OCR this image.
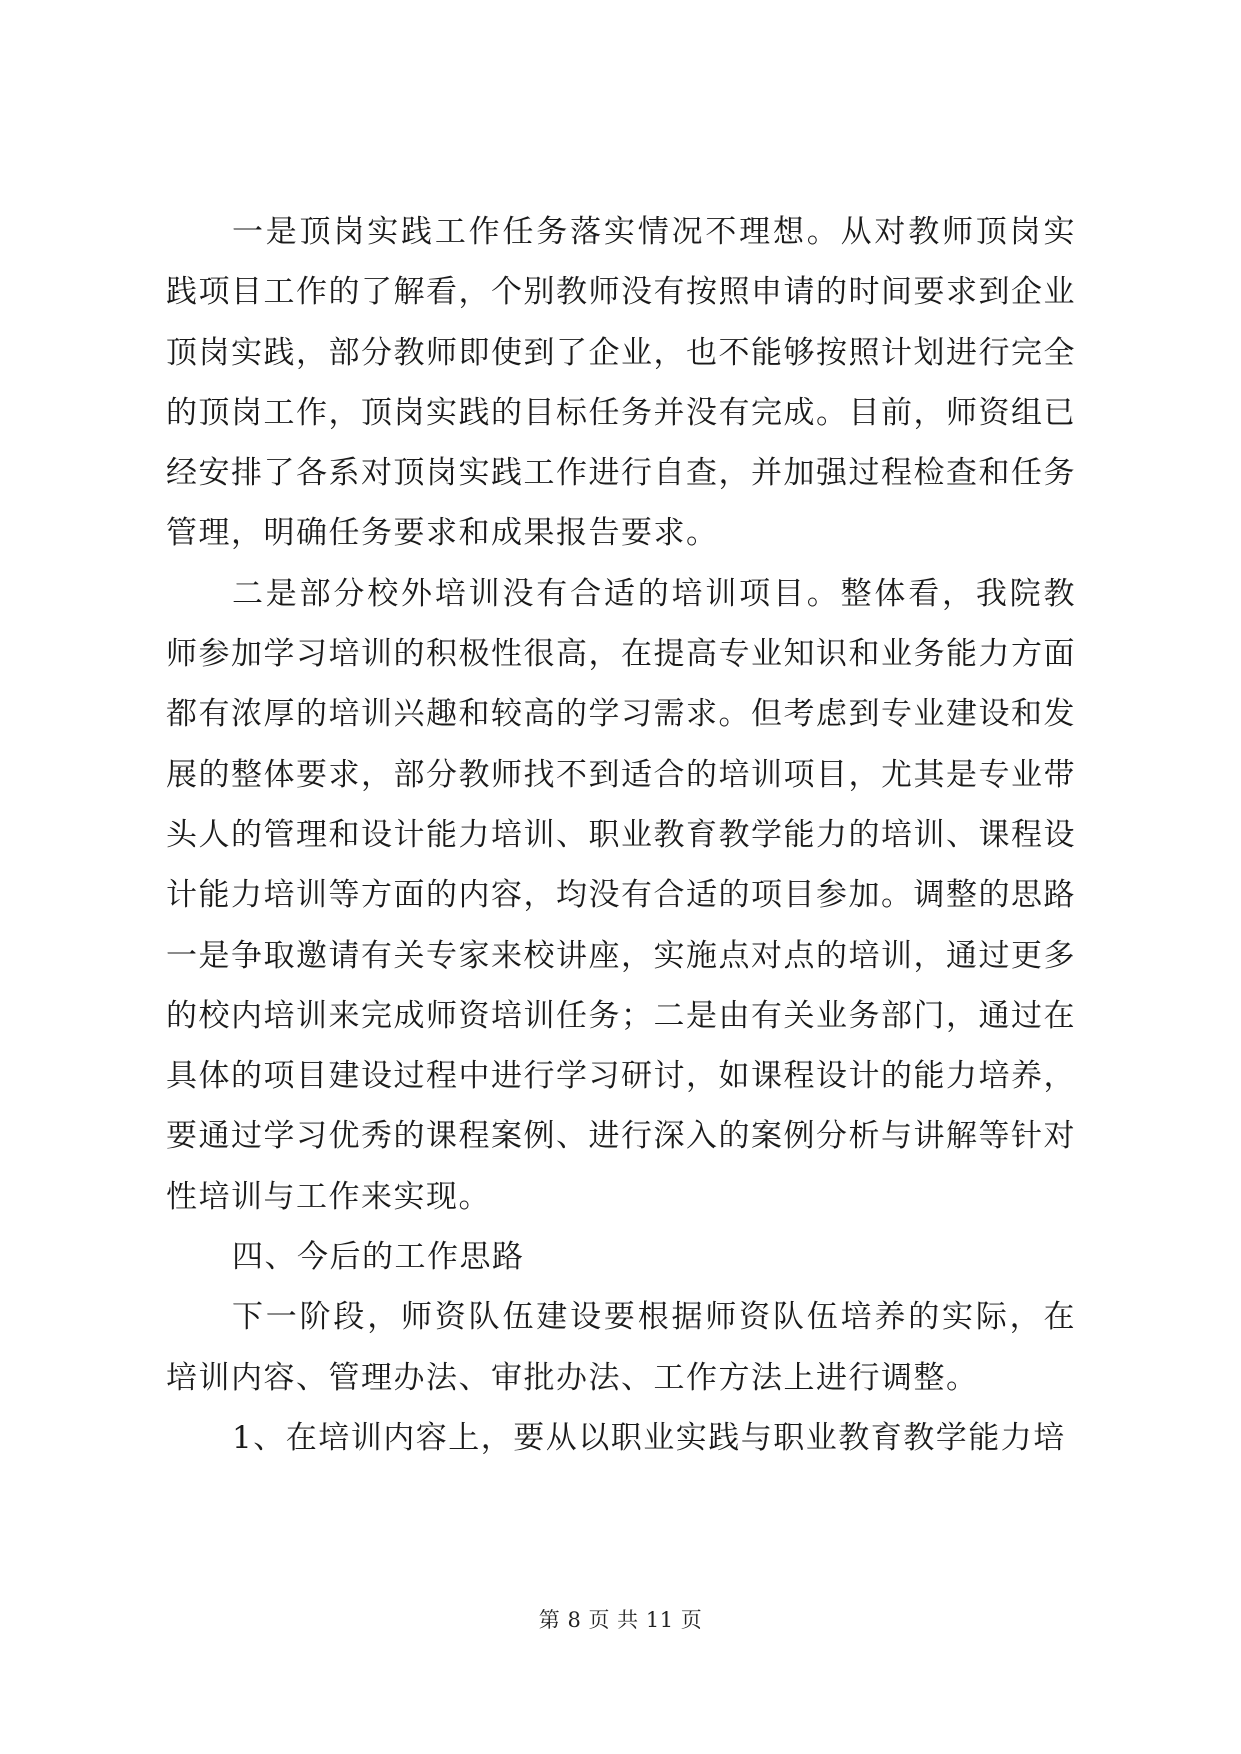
一是顶岗实践工作任务落实情况不理想。从对教师顶岗实践项目工作的了解看，个别教师没有按照申请的时间要求到企业顶岗实践，部分教师即使到了企业，也不能够按照计划进行完全的顶岗工作，顶岗实践的目标任务并没有完成。目前，师资组已经安排了各系对顶岗实践工作进行自查，并加强过程检查和任务管理，明确任务要求和成果报告要求。

二是部分校外培训没有合适的培训项目。整体看，我院教师参加学习培训的积极性很高，在提高专业知识和业务能力方面都有浓厚的培训兴趣和较高的学习需求。但考虑到专业建设和发展的整体要求，部分教师找不到适合的培训项目，尤其是专业带头人的管理和设计能力培训、职业教育教学能力的培训、课程设计能力培训等方面的内容，均没有合适的项目参加。调整的思路一是争取邀请有关专家来校讲座，实施点对点的培训，通过更多的校内培训来完成师资培训任务；二是由有关业务部门，通过在具体的项目建设过程中进行学习研讨，如课程设计的能力培养，要通过学习优秀的课程案例、进行深入的案例分析与讲解等针对性培训与工作来实现。

四、今后的工作思路

下一阶段，师资队伍建设要根据师资队伍培养的实际，在培训内容、管理办法、审批办法、工作方法上进行调整。

1、在培训内容上，要从以职业实践与职业教育教学能力培

第 8 页 共 11 页
